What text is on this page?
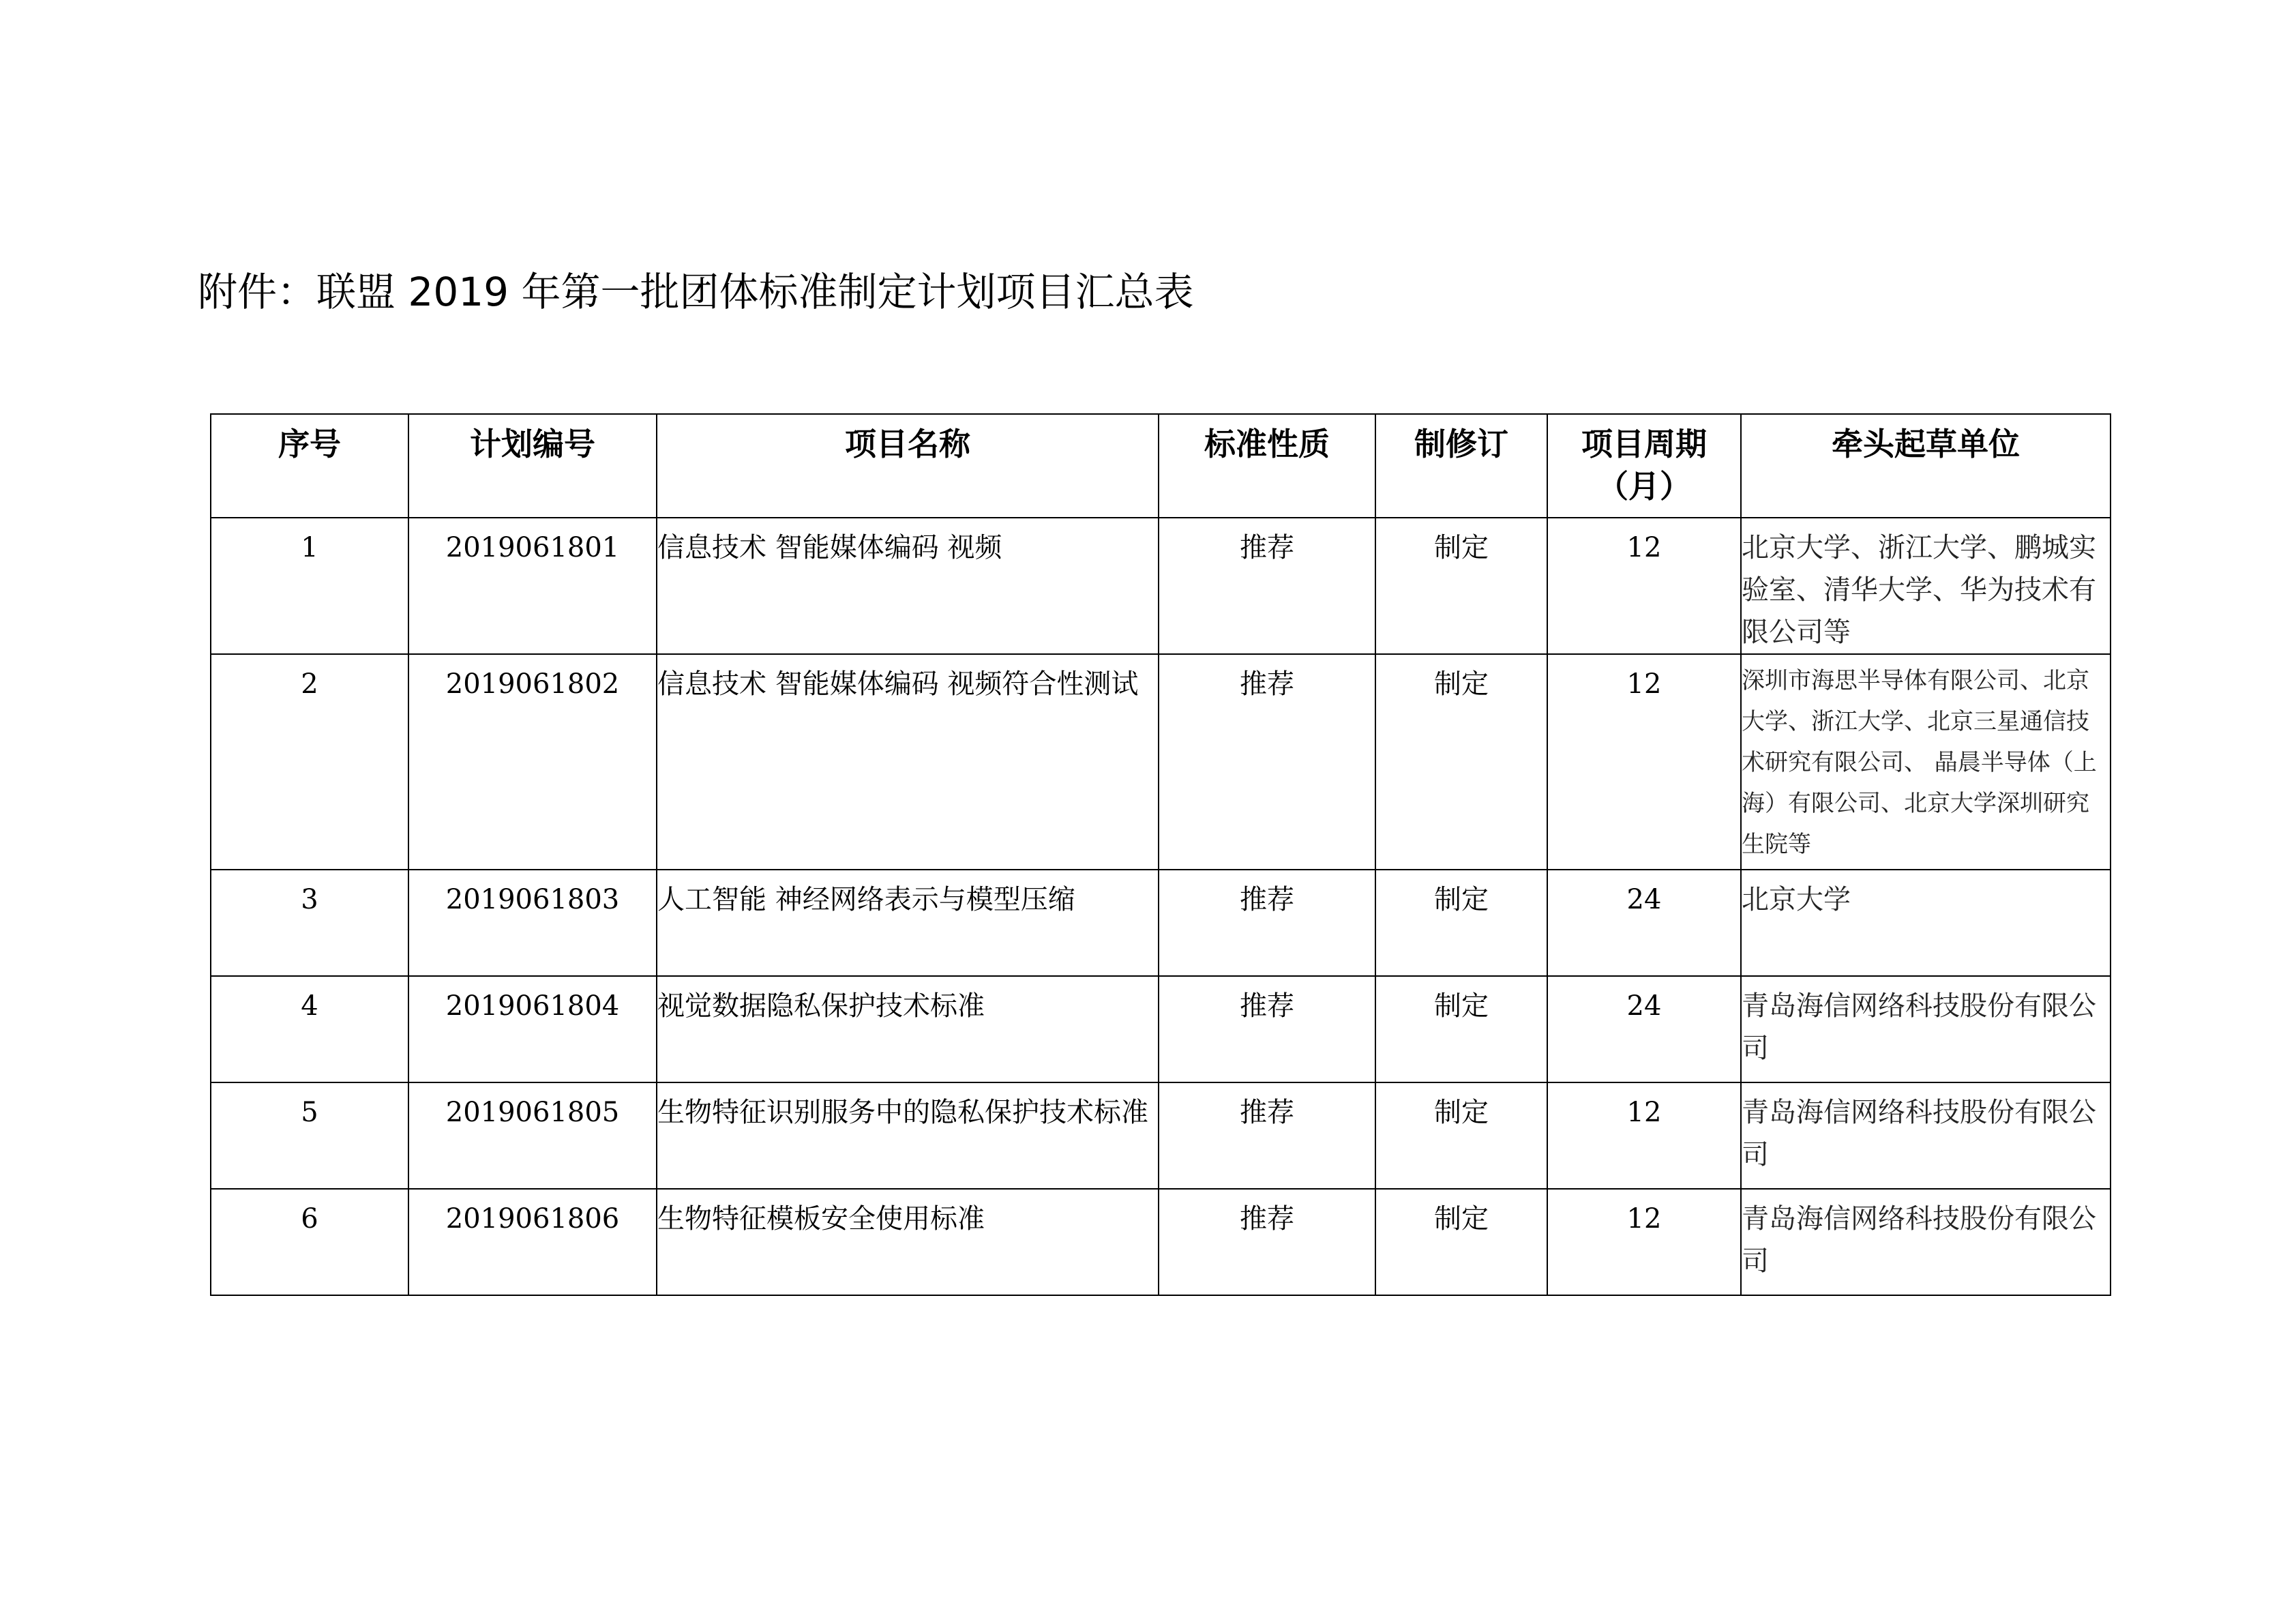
附件：联盟 2019 年第一批团体标准制定计划项目汇总表
序号	计划编号	项目名称	标准性质	制修订	项目周期（月）	牵头起草单位
1	2019061801	信息技术 智能媒体编码 视频	推荐	制定	12	北京大学、浙江大学、鹏城实验室、清华大学、华为技术有限公司等
2	2019061802	信息技术 智能媒体编码 视频符合性测试	推荐	制定	12	深圳市海思半导体有限公司、北京大学、浙江大学、北京三星通信技术研究有限公司、 晶晨半导体（上海）有限公司、北京大学深圳研究生院等
3	2019061803	人工智能 神经网络表示与模型压缩	推荐	制定	24	北京大学
4	2019061804	视觉数据隐私保护技术标准	推荐	制定	24	青岛海信网络科技股份有限公司
5	2019061805	生物特征识别服务中的隐私保护技术标准	推荐	制定	12	青岛海信网络科技股份有限公司
6	2019061806	生物特征模板安全使用标准	推荐	制定	12	青岛海信网络科技股份有限公司
